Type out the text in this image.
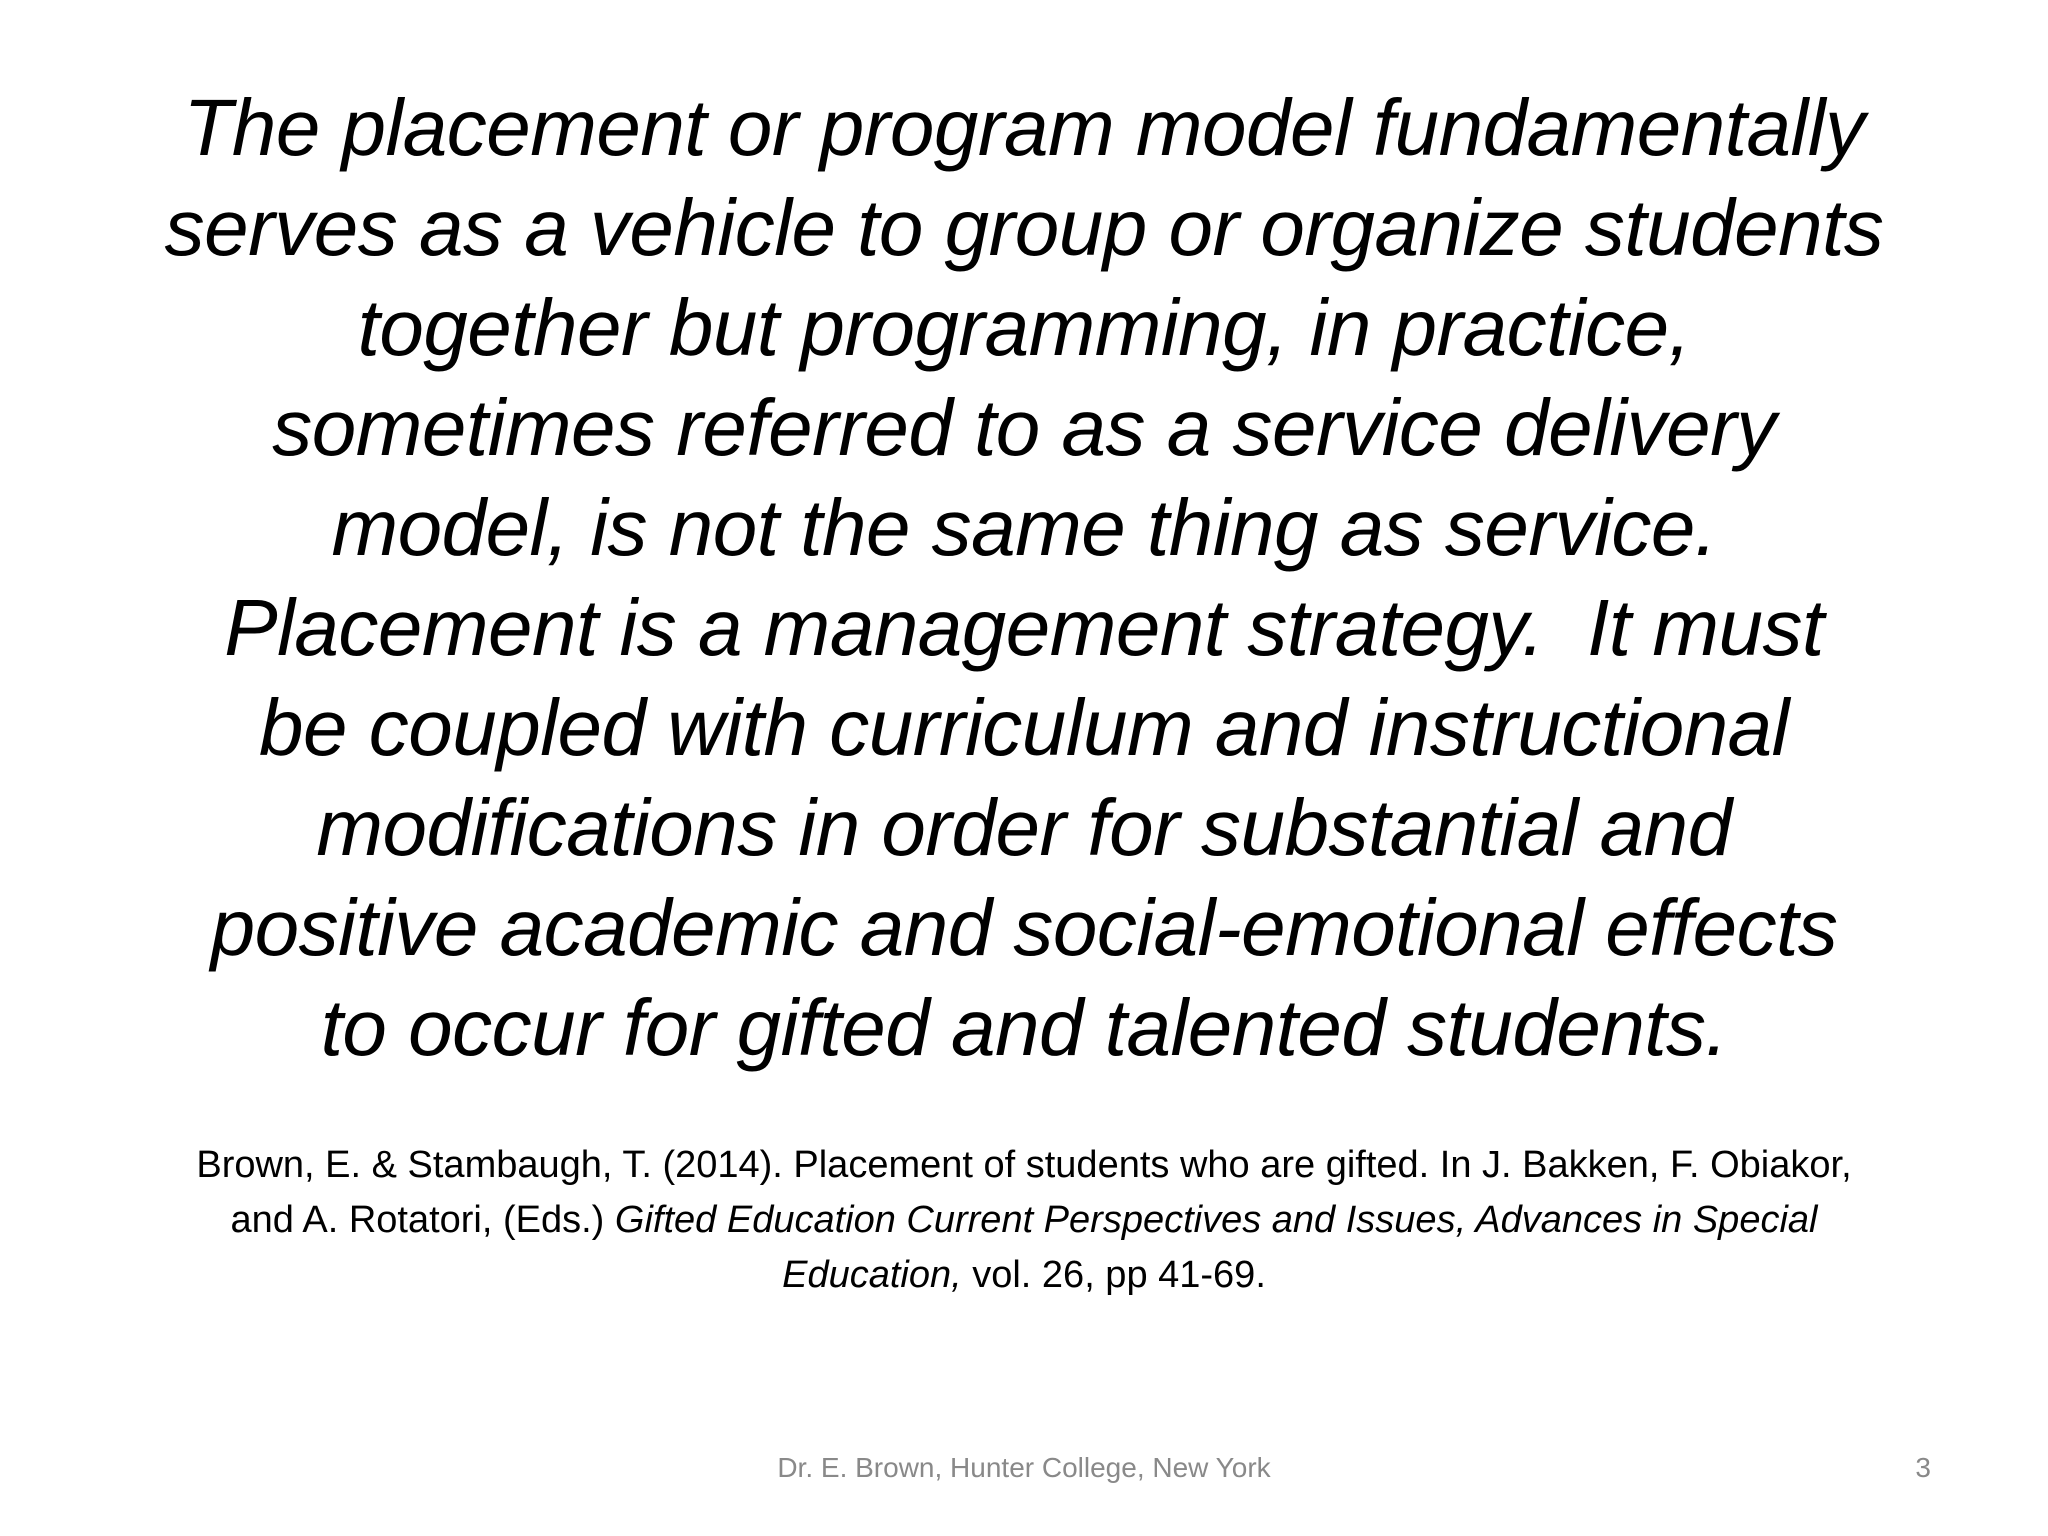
The placement or program model fundamentally
serves as a vehicle to group or organize students
together but programming, in practice,
sometimes referred to as a service delivery
model, is not the same thing as service.
Placement is a management strategy.  It must
be coupled with curriculum and instructional
modifications in order for substantial and
positive academic and social-emotional effects
to occur for gifted and talented students.
Brown, E. & Stambaugh, T. (2014). Placement of students who are gifted. In J. Bakken, F. Obiakor,
and A. Rotatori, (Eds.) Gifted Education Current Perspectives and Issues, Advances in Special
Education, vol. 26, pp 41-69.
Dr. E. Brown, Hunter College, New York	3
